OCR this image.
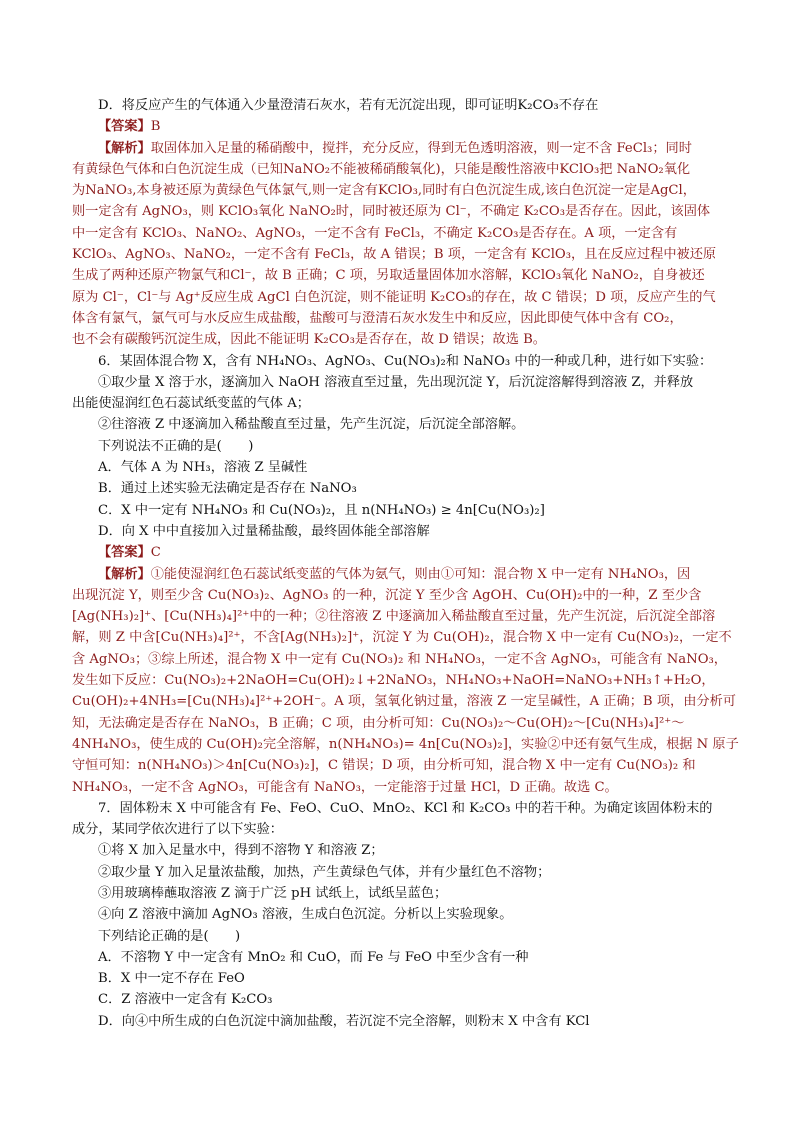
D．将反应产生的气体通入少量澄清石灰水，若有无沉淀出现，即可证明K₂CO₃不存在
【答案】B
【解析】取固体加入足量的稀硝酸中，搅拌，充分反应，得到无色透明溶液，则一定不含 FeCl₃；同时
有黄绿色气体和白色沉淀生成（已知NaNO₂不能被稀硝酸氧化)，只能是酸性溶液中KClO₃把 NaNO₂氧化
为NaNO₃,本身被还原为黄绿色气体氯气,则一定含有KClO₃,同时有白色沉淀生成,该白色沉淀一定是AgCl，
则一定含有 AgNO₃，则 KClO₃氧化 NaNO₂时，同时被还原为 Cl⁻，不确定 K₂CO₃是否存在。因此，该固体
中一定含有 KClO₃、NaNO₂、AgNO₃，一定不含有 FeCl₃，不确定 K₂CO₃是否存在。A 项，一定含有
KClO₃、AgNO₃、NaNO₂，一定不含有 FeCl₃，故 A 错误；B 项，一定含有 KClO₃，且在反应过程中被还原
生成了两种还原产物氯气和Cl⁻，故 B 正确；C 项，另取适量固体加水溶解，KClO₃氧化 NaNO₂，自身被还
原为 Cl⁻，Cl⁻与 Ag⁺反应生成 AgCl 白色沉淀，则不能证明 K₂CO₃的存在，故 C 错误；D 项，反应产生的气
体含有氯气，氯气可与水反应生成盐酸，盐酸可与澄清石灰水发生中和反应，因此即使气体中含有 CO₂，
也不会有碳酸钙沉淀生成，因此不能证明 K₂CO₃是否存在，故 D 错误；故选 B。
6．某固体混合物 X，含有 NH₄NO₃、AgNO₃、Cu(NO₃)₂和 NaNO₃ 中的一种或几种，进行如下实验：
①取少量 X 溶于水，逐滴加入 NaOH 溶液直至过量，先出现沉淀 Y，后沉淀溶解得到溶液 Z，并释放
出能使湿润红色石蕊试纸变蓝的气体 A；
②往溶液 Z 中逐滴加入稀盐酸直至过量，先产生沉淀，后沉淀全部溶解。
下列说法不正确的是(　　)
A．气体 A 为 NH₃，溶液 Z 呈碱性
B．通过上述实验无法确定是否存在 NaNO₃
C．X 中一定有 NH₄NO₃ 和 Cu(NO₃)₂，且 n(NH₄NO₃) ≥ 4n[Cu(NO₃)₂]
D．向 X 中中直接加入过量稀盐酸，最终固体能全部溶解
【答案】C
【解析】①能使湿润红色石蕊试纸变蓝的气体为氨气，则由①可知：混合物 X 中一定有 NH₄NO₃，因
出现沉淀 Y，则至少含 Cu(NO₃)₂、AgNO₃ 的一种，沉淀 Y 至少含 AgOH、Cu(OH)₂中的一种，Z 至少含
[Ag(NH₃)₂]⁺、[Cu(NH₃)₄]²⁺中的一种；②往溶液 Z 中逐滴加入稀盐酸直至过量，先产生沉淀，后沉淀全部溶
解，则 Z 中含[Cu(NH₃)₄]²⁺，不含[Ag(NH₃)₂]⁺，沉淀 Y 为 Cu(OH)₂，混合物 X 中一定有 Cu(NO₃)₂，一定不
含 AgNO₃；③综上所述，混合物 X 中一定有 Cu(NO₃)₂ 和 NH₄NO₃，一定不含 AgNO₃，可能含有 NaNO₃，
发生如下反应：Cu(NO₃)₂+2NaOH=Cu(OH)₂↓+2NaNO₃，NH₄NO₃+NaOH=NaNO₃+NH₃↑+H₂O，
Cu(OH)₂+4NH₃=[Cu(NH₃)₄]²⁺+2OH⁻。A 项，氢氧化钠过量，溶液 Z 一定呈碱性，A 正确；B 项，由分析可
知，无法确定是否存在 NaNO₃，B 正确；C 项，由分析可知：Cu(NO₃)₂～Cu(OH)₂～[Cu(NH₃)₄]²⁺～
4NH₄NO₃，使生成的 Cu(OH)₂完全溶解，n(NH₄NO₃)= 4n[Cu(NO₃)₂]，实验②中还有氨气生成，根据 N 原子
守恒可知：n(NH₄NO₃)＞4n[Cu(NO₃)₂]，C 错误；D 项，由分析可知，混合物 X 中一定有 Cu(NO₃)₂ 和
NH₄NO₃，一定不含 AgNO₃，可能含有 NaNO₃，一定能溶于过量 HCl，D 正确。故选 C。
7．固体粉末 X 中可能含有 Fe、FeO、CuO、MnO₂、KCl 和 K₂CO₃ 中的若干种。为确定该固体粉末的
成分，某同学依次进行了以下实验：
①将 X 加入足量水中，得到不溶物 Y 和溶液 Z；
②取少量 Y 加入足量浓盐酸，加热，产生黄绿色气体，并有少量红色不溶物；
③用玻璃棒蘸取溶液 Z 滴于广泛 pH 试纸上，试纸呈蓝色；
④向 Z 溶液中滴加 AgNO₃ 溶液，生成白色沉淀。分析以上实验现象。
下列结论正确的是(　　)
A．不溶物 Y 中一定含有 MnO₂ 和 CuO，而 Fe 与 FeO 中至少含有一种
B．X 中一定不存在 FeO
C．Z 溶液中一定含有 K₂CO₃
D．向④中所生成的白色沉淀中滴加盐酸，若沉淀不完全溶解，则粉末 X 中含有 KCl
